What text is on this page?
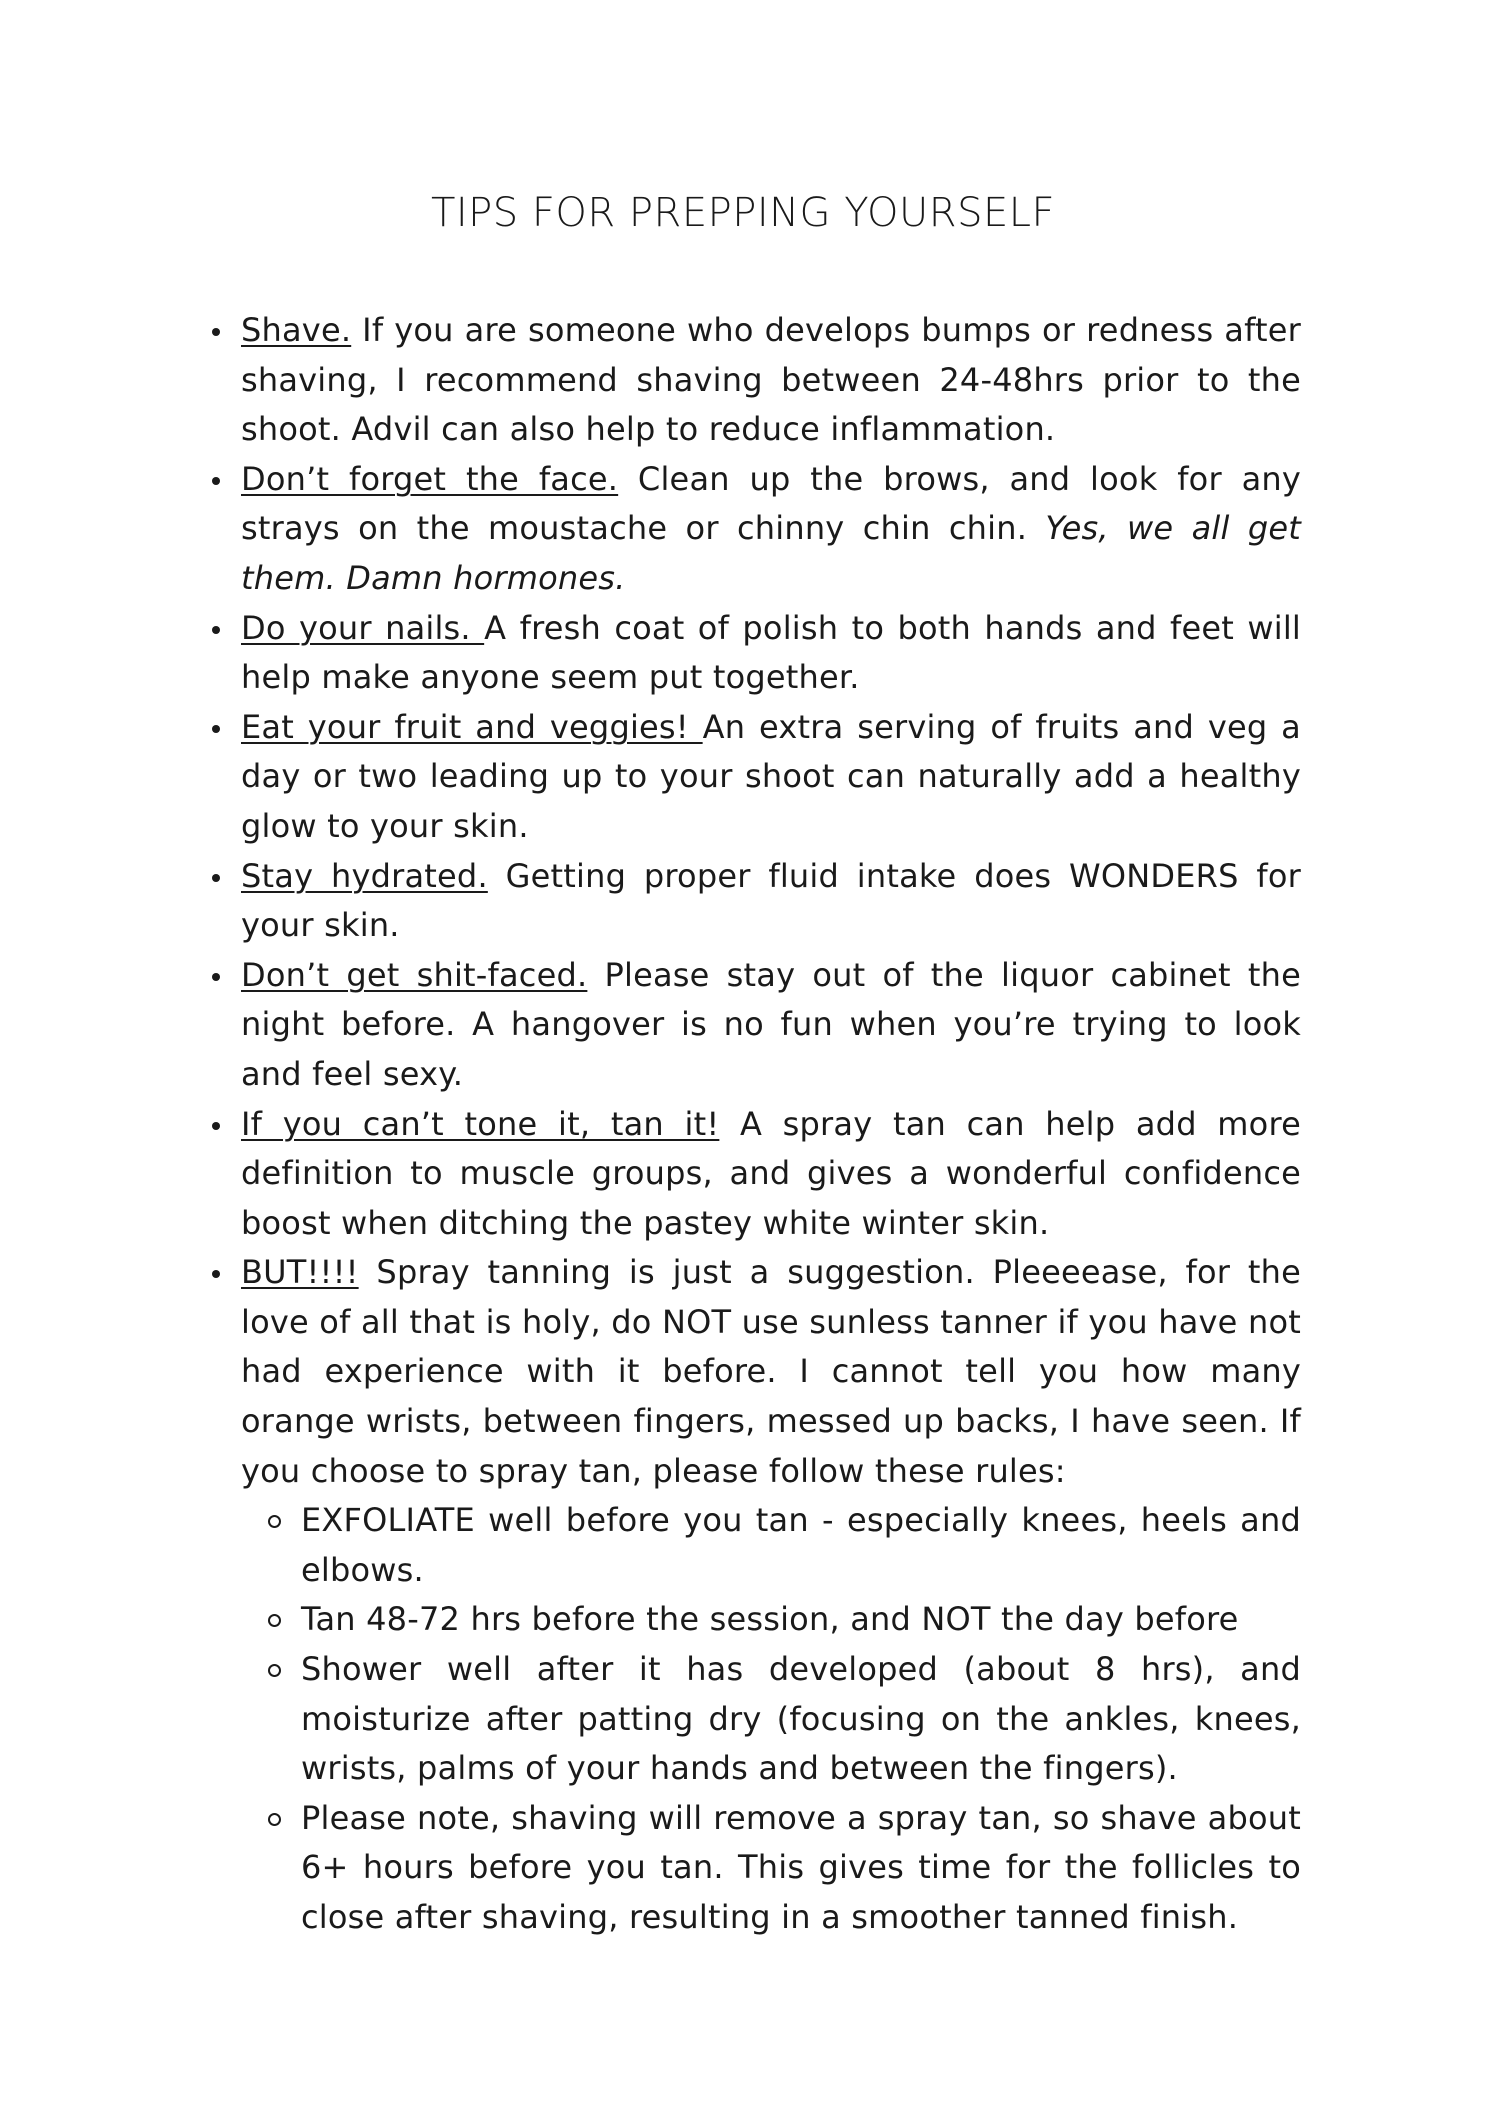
TIPS FOR PREPPING YOURSELF
Shave. If you are someone who develops bumps or redness after shaving, I recommend shaving between 24-48hrs prior to the shoot. Advil can also help to reduce inflammation.
Don’t forget the face. Clean up the brows, and look for any strays on the moustache or chinny chin chin. Yes, we all get them. Damn hormones.
Do your nails. A fresh coat of polish to both hands and feet will help make anyone seem put together.
Eat your fruit and veggies! An extra serving of fruits and veg a day or two leading up to your shoot can naturally add a healthy glow to your skin.
Stay hydrated. Getting proper fluid intake does WONDERS for your skin.
Don’t get shit-faced. Please stay out of the liquor cabinet the night before. A hangover is no fun when you’re trying to look and feel sexy.
If you can’t tone it, tan it! A spray tan can help add more definition to muscle groups, and gives a wonderful confidence boost when ditching the pastey white winter skin.
BUT!!!! Spray tanning is just a suggestion. Pleeeease, for the love of all that is holy, do NOT use sunless tanner if you have not had experience with it before. I cannot tell you how many orange wrists, between fingers, messed up backs, I have seen. If you choose to spray tan, please follow these rules:
EXFOLIATE well before you tan - especially knees, heels and elbows.
Tan 48-72 hrs before the session, and NOT the day before
Shower well after it has developed (about 8 hrs), and moisturize after patting dry (focusing on the ankles, knees, wrists, palms of your hands and between the fingers).
Please note, shaving will remove a spray tan, so shave about 6+ hours before you tan. This gives time for the follicles to close after shaving, resulting in a smoother tanned finish.
